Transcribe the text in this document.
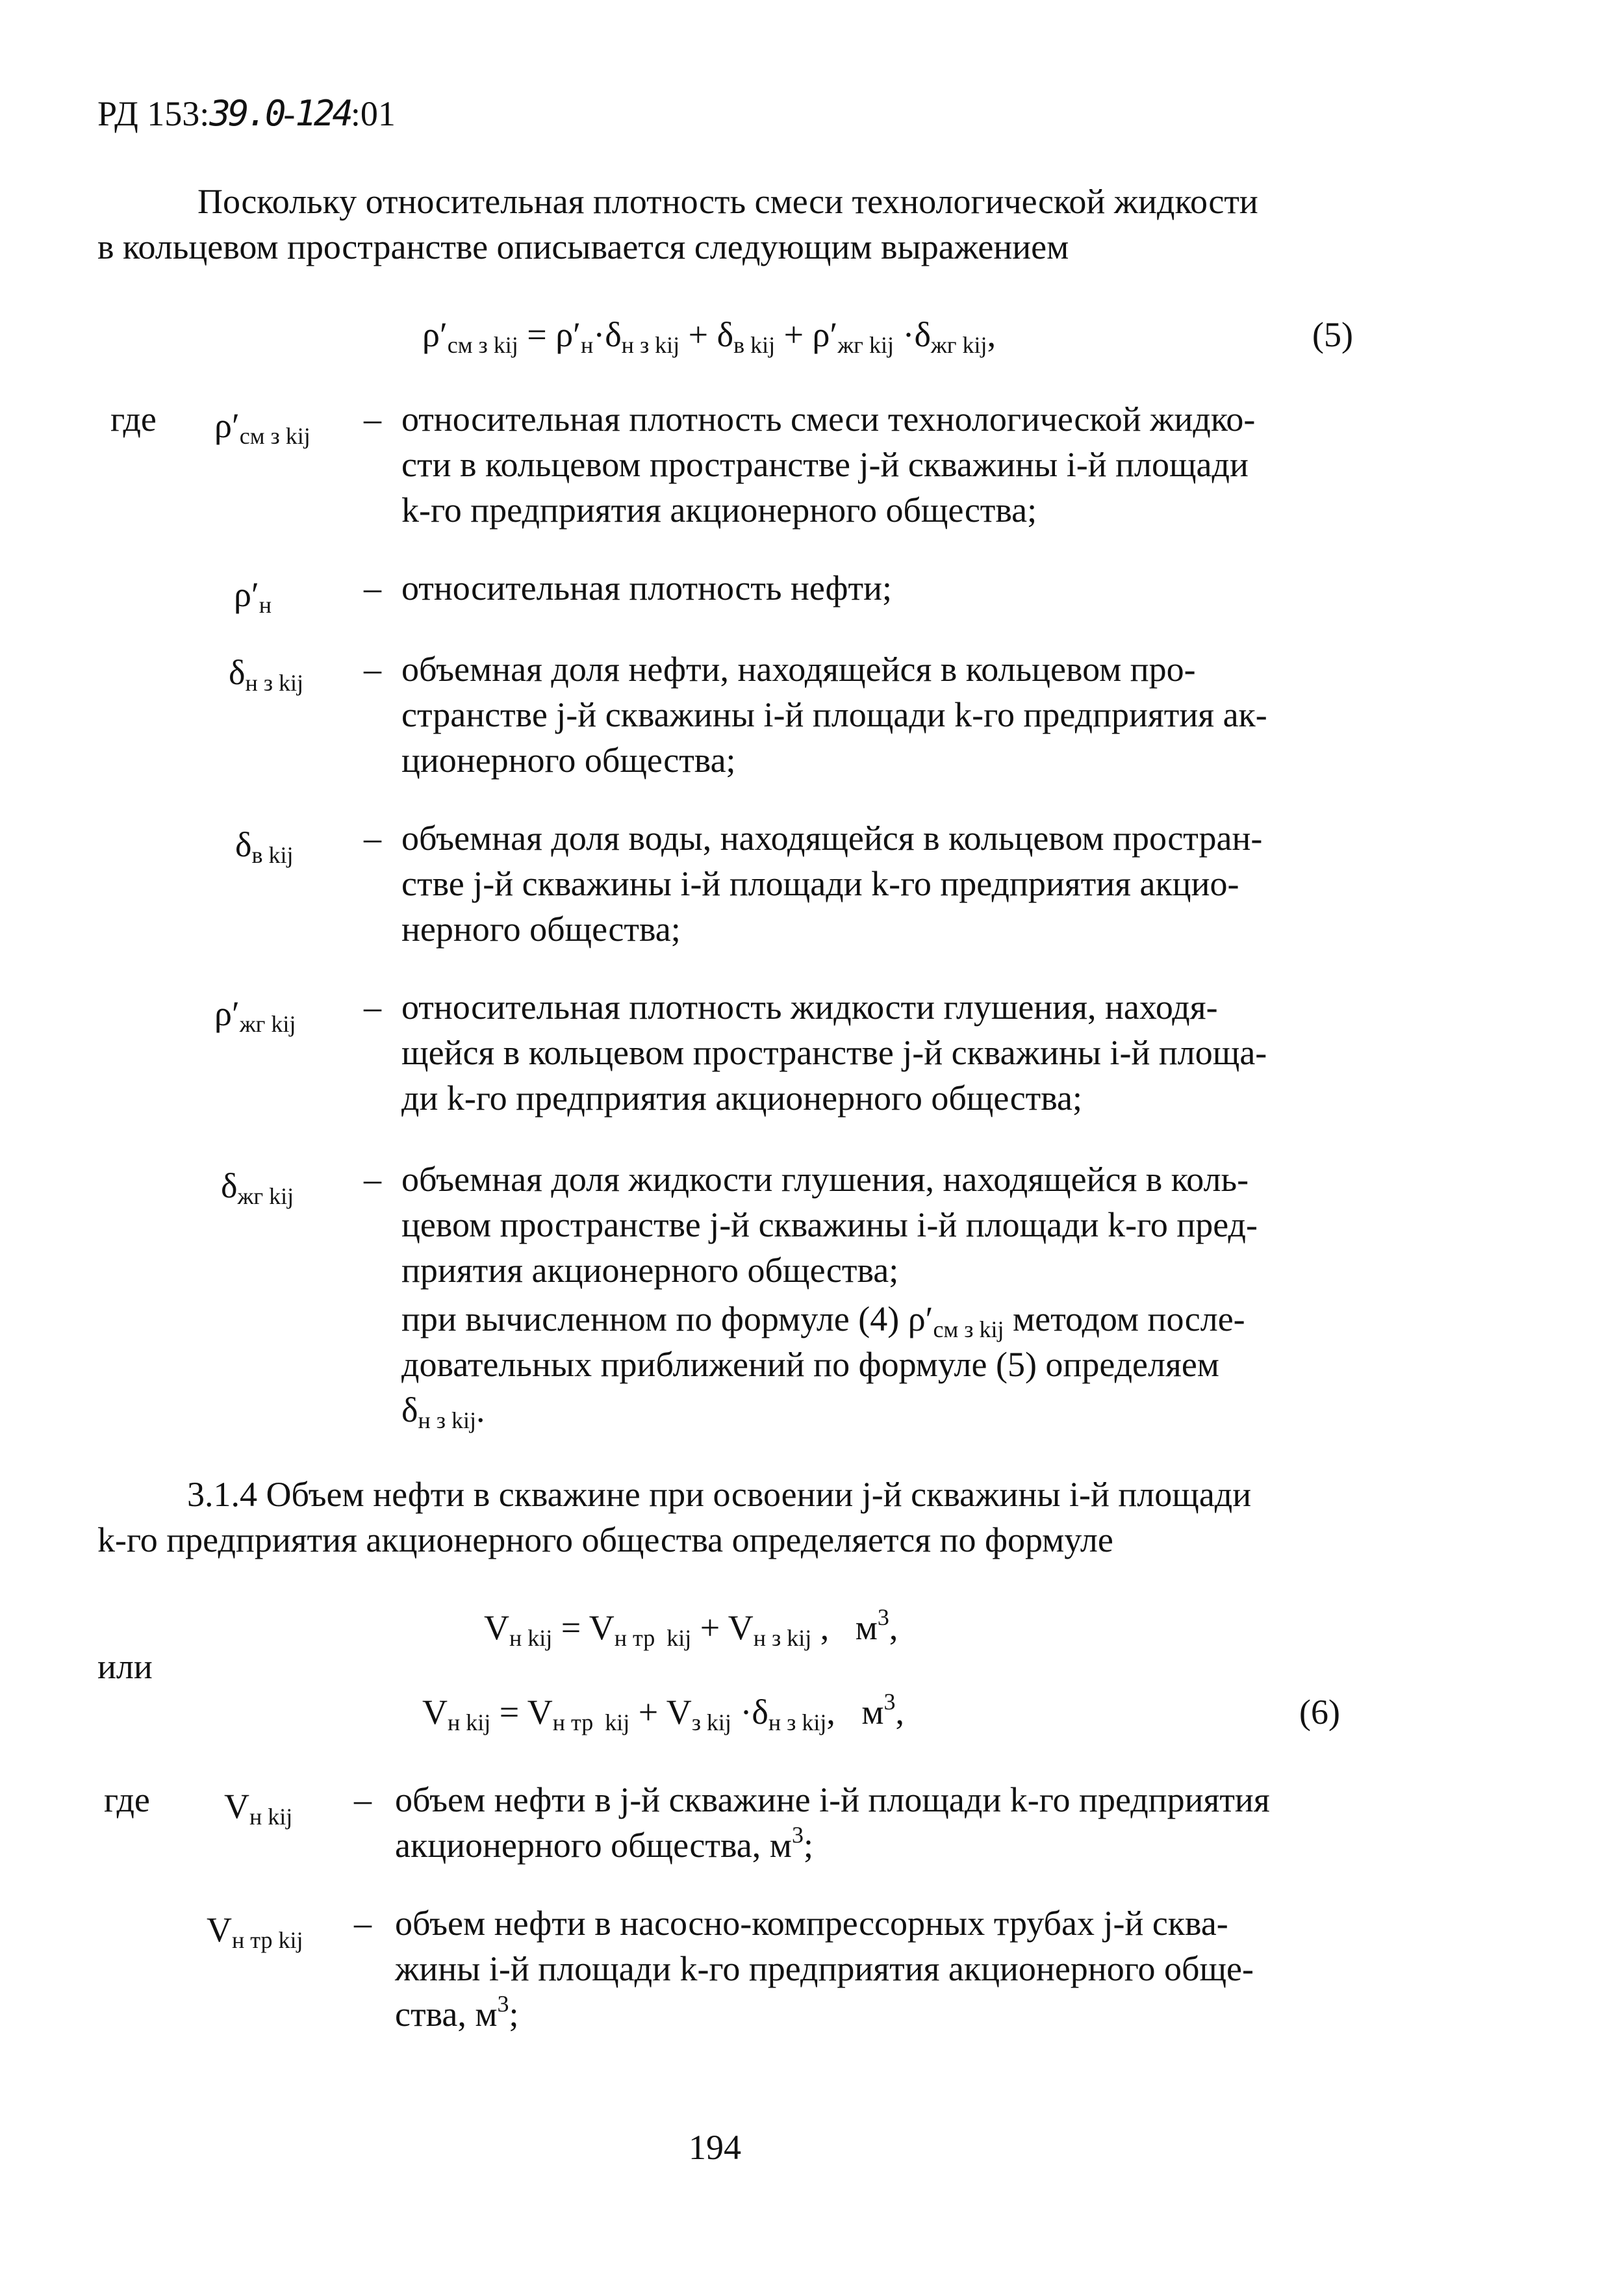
РД 153:39.0-124:01
Поскольку относительная плотность смеси технологической жидкости
в кольцевом пространстве описывается следующим выражением
$\rho'_{см з kij} = \rho'_н\cdot\delta_{н з kij} + \delta_{в kij} + \rho'_{жг kij} \cdot\delta_{жг kij}$,	(5)
где $\rho'_{см з kij}$ – относительная плотность смеси технологической жидко-
сти в кольцевом пространстве j-й скважины i-й площади
k-го предприятия акционерного общества;
$\rho'_н$	– относительная плотность нефти;
$\delta_{н з kij}$ – объемная доля нефти, находящейся в кольцевом про-
странстве j-й скважины i-й площади k-го предприятия ак-
ционерного общества;
$\delta_{в kij}$ – объемная доля воды, находящейся в кольцевом простран-
стве j-й скважины i-й площади k-го предприятия акцио-
нерного общества;
$\rho'_{жг kij}$ – относительная плотность жидкости глушения, находя-
щейся в кольцевом пространстве j-й скважины i-й площа-
ди k-го предприятия акционерного общества;
$\delta_{жг kij}$ – объемная доля жидкости глушения, находящейся в коль-
цевом пространстве j-й скважины i-й площади k-го пред-
приятия акционерного общества;
при вычисленном по формуле (4) $\rho'_{см з kij}$ методом после-
довательных приближений по формуле (5) определяем
$\delta_{н з kij}$.
3.1.4 Объем нефти в скважине при освоении j-й скважины i-й площади
k-го предприятия акционерного общества определяется по формуле
$V_{н kij} = V_{н тр kij} + V_{н з kij}$ ,   $м^3$,
или
$V_{н kij} = V_{н тр kij} + V_{з kij} \cdot\delta_{н з kij}$,   $м^3$,	(6)
где $V_{н kij}$ – объем нефти в j-й скважине i-й площади k-го предприятия
акционерного общества, $м^3$;
$V_{н тр kij}$ – объем нефти в насосно-компрессорных трубах j-й сква-
жины i-й площади k-го предприятия акционерного обще-
ства, $м^3$;
194
